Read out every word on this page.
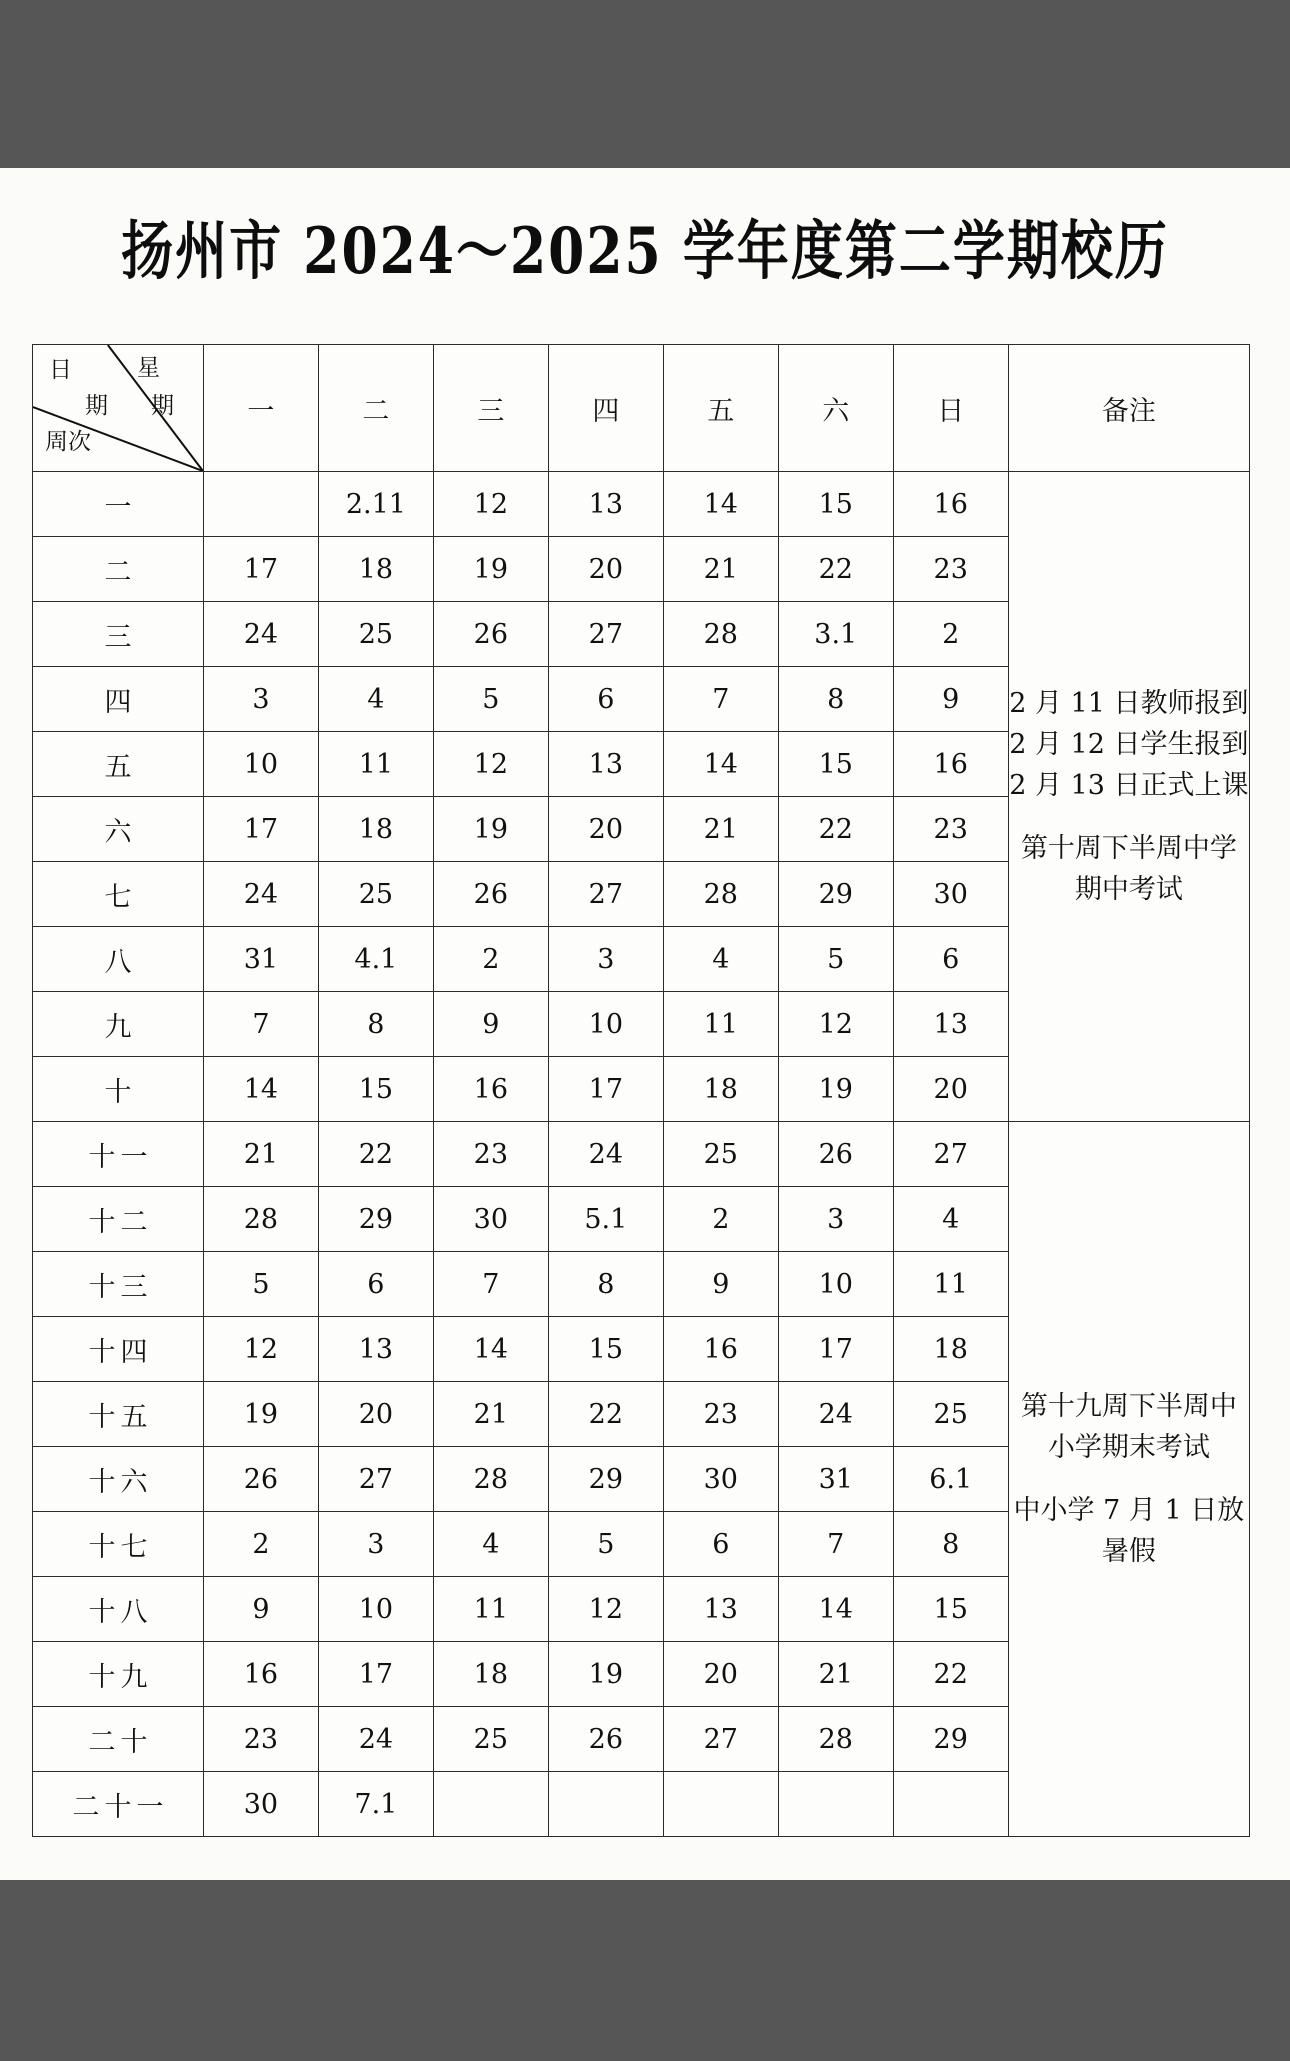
扬州市 2024～2025 学年度第二学期校历
日
期
星
期
周次	一	二	三	四	五	六	日	备注
一		2.11	12	13	14	15	16	2 月 11 日教师报到
2 月 12 日学生报到
2 月 13 日正式上课
第十周下半周中学
期中考试

二	17	18	19	20	21	22	23	
三	24	25	26	27	28	3.1	2	
四	3	4	5	6	7	8	9	
五	10	11	12	13	14	15	16	
六	17	18	19	20	21	22	23	
七	24	25	26	27	28	29	30	
八	31	4.1	2	3	4	5	6	
九	7	8	9	10	11	12	13	
十	14	15	16	17	18	19	20	
十一	21	22	23	24	25	26	27	第十九周下半周中
小学期末考试
中小学 7 月 1 日放
暑假

十二	28	29	30	5.1	2	3	4	
十三	5	6	7	8	9	10	11	
十四	12	13	14	15	16	17	18	
十五	19	20	21	22	23	24	25	
十六	26	27	28	29	30	31	6.1	
十七	2	3	4	5	6	7	8	
十八	9	10	11	12	13	14	15	
十九	16	17	18	19	20	21	22	
二十	23	24	25	26	27	28	29	
二十一	30	7.1						
